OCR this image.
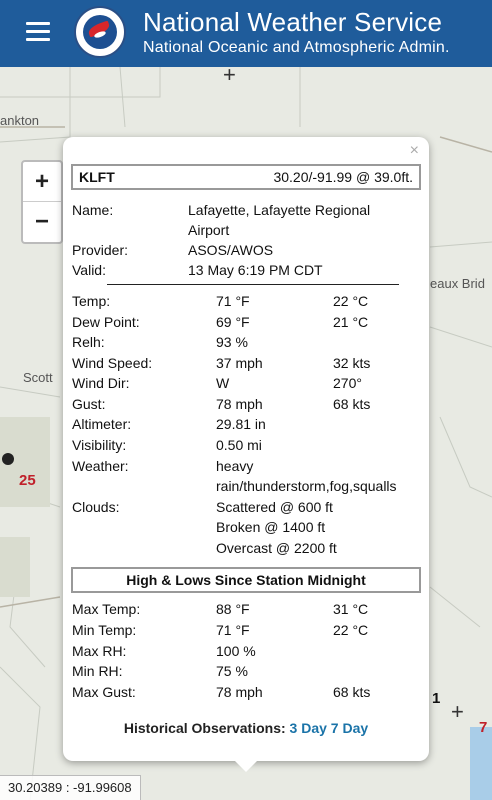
National Weather Service
National Oceanic and Atmospheric Admin.
ankton
Scott
eaux Brid
25
1
7
+
+
+
−
30.20389 : -91.99608
×
KLFT	30.20/-91.99 @ 39.0ft.
Name:	Lafayette, Lafayette Regional
Airport
Provider:	ASOS/AWOS
Valid:	13 May 6:19 PM CDT
Temp:	71 °F	22 °C
Dew Point:	69 °F	21 °C
Relh:	93 %
Wind Speed:	37 mph	32 kts
Wind Dir:	W	270°
Gust:	78 mph	68 kts
Altimeter:	29.81 in
Visibility:	0.50 mi
Weather:	heavy
rain/thunderstorm,fog,squalls
Clouds:	Scattered @ 600 ft
Broken @ 1400 ft
Overcast @ 2200 ft
High & Lows Since Station Midnight
Max Temp:	88 °F	31 °C
Min Temp:	71 °F	22 °C
Max RH:	100 %
Min RH:	75 %
Max Gust:	78 mph	68 kts
Historical Observations: 3 Day 7 Day
